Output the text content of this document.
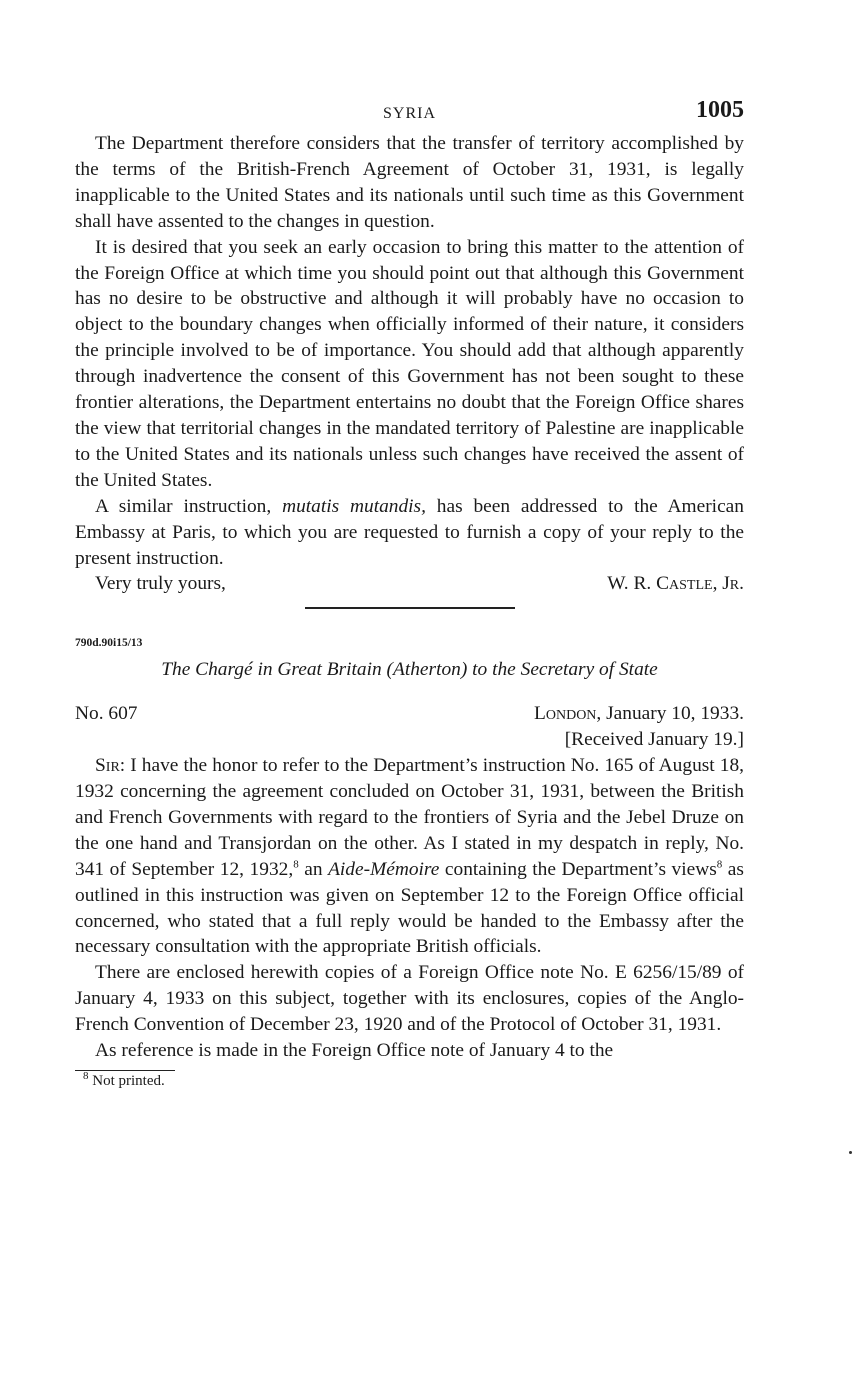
SYRIA	1005

The Department therefore considers that the transfer of territory accomplished by the terms of the British-French Agreement of October 31, 1931, is legally inapplicable to the United States and its nationals until such time as this Government shall have assented to the changes in question.

It is desired that you seek an early occasion to bring this matter to the attention of the Foreign Office at which time you should point out that although this Government has no desire to be obstructive and although it will probably have no occasion to object to the boundary changes when officially informed of their nature, it considers the principle involved to be of importance. You should add that although apparently through inadvertence the consent of this Government has not been sought to these frontier alterations, the Department entertains no doubt that the Foreign Office shares the view that territorial changes in the mandated territory of Palestine are inapplicable to the United States and its nationals unless such changes have received the assent of the United States.

A similar instruction, mutatis mutandis, has been addressed to the American Embassy at Paris, to which you are requested to furnish a copy of your reply to the present instruction.

Very truly yours,	W. R. Castle, Jr.
790d.90i15/13
The Chargé in Great Britain (Atherton) to the Secretary of State
No. 607	London, January 10, 1933.
[Received January 19.]

Sir: I have the honor to refer to the Department’s instruction No. 165 of August 18, 1932 concerning the agreement concluded on October 31, 1931, between the British and French Governments with regard to the frontiers of Syria and the Jebel Druze on the one hand and Transjordan on the other. As I stated in my despatch in reply, No. 341 of September 12, 1932,$^8$ an Aide-Mémoire containing the Department’s views$^8$ as outlined in this instruction was given on September 12 to the Foreign Office official concerned, who stated that a full reply would be handed to the Embassy after the necessary consultation with the appropriate British officials.

There are enclosed herewith copies of a Foreign Office note No. E 6256/15/89 of January 4, 1933 on this subject, together with its enclosures, copies of the Anglo-French Convention of December 23, 1920 and of the Protocol of October 31, 1931.

As reference is made in the Foreign Office note of January 4 to the

$^8$ Not printed.
